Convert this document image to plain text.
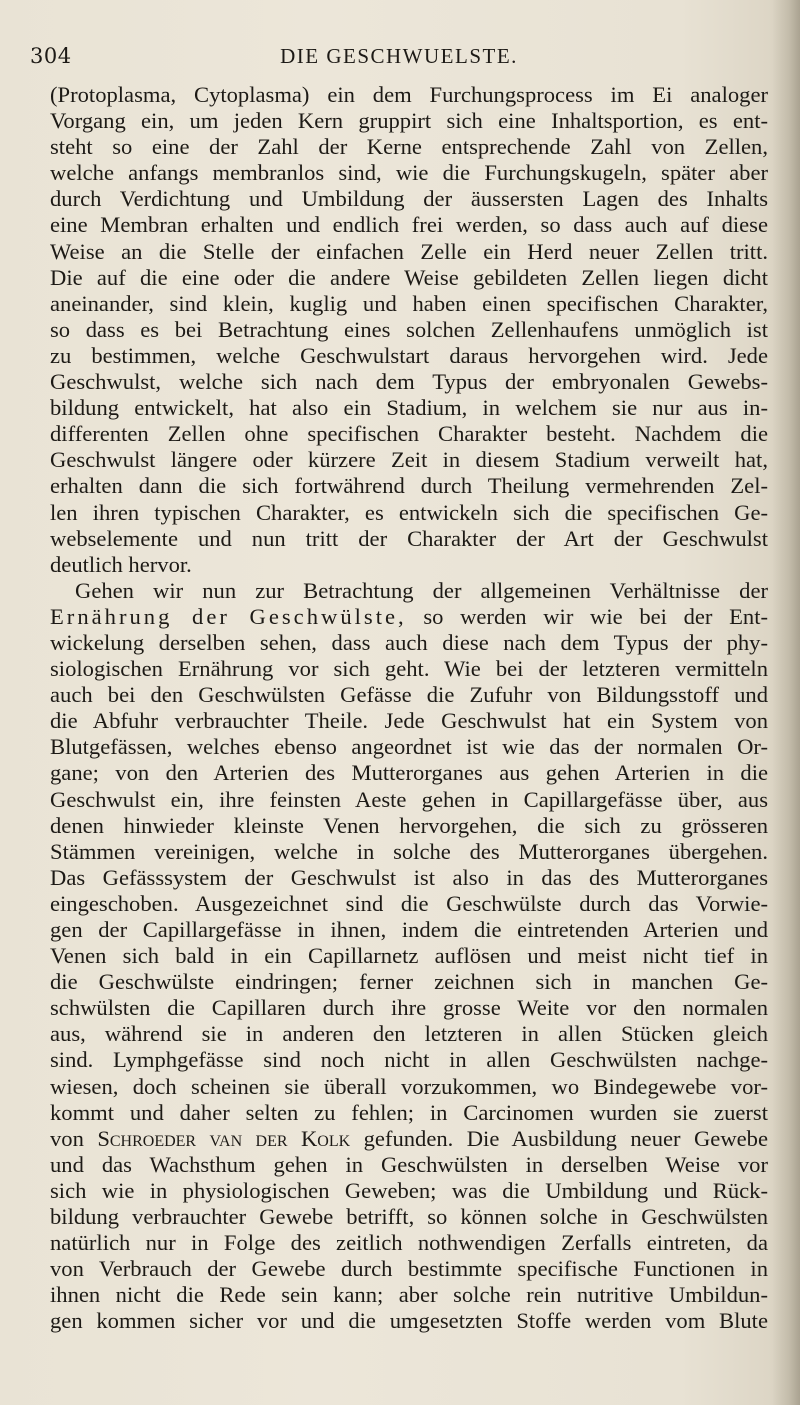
304	DIE GESCHWUELSTE.
(Protoplasma, Cytoplasma) ein dem Furchungsprocess im Ei analoger
Vorgang ein, um jeden Kern gruppirt sich eine Inhaltsportion, es ent-
steht so eine der Zahl der Kerne entsprechende Zahl von Zellen,
welche anfangs membranlos sind, wie die Furchungskugeln, später aber
durch Verdichtung und Umbildung der äussersten Lagen des Inhalts
eine Membran erhalten und endlich frei werden, so dass auch auf diese
Weise an die Stelle der einfachen Zelle ein Herd neuer Zellen tritt.
Die auf die eine oder die andere Weise gebildeten Zellen liegen dicht
aneinander, sind klein, kuglig und haben einen specifischen Charakter,
so dass es bei Betrachtung eines solchen Zellenhaufens unmöglich ist
zu bestimmen, welche Geschwulstart daraus hervorgehen wird. Jede
Geschwulst, welche sich nach dem Typus der embryonalen Gewebs-
bildung entwickelt, hat also ein Stadium, in welchem sie nur aus in-
differenten Zellen ohne specifischen Charakter besteht. Nachdem die
Geschwulst längere oder kürzere Zeit in diesem Stadium verweilt hat,
erhalten dann die sich fortwährend durch Theilung vermehrenden Zel-
len ihren typischen Charakter, es entwickeln sich die specifischen Ge-
webselemente und nun tritt der Charakter der Art der Geschwulst
deutlich hervor.
Gehen wir nun zur Betrachtung der allgemeinen Verhältnisse der
Ernährung der Geschwülste, so werden wir wie bei der Ent-
wickelung derselben sehen, dass auch diese nach dem Typus der phy-
siologischen Ernährung vor sich geht. Wie bei der letzteren vermitteln
auch bei den Geschwülsten Gefässe die Zufuhr von Bildungsstoff und
die Abfuhr verbrauchter Theile. Jede Geschwulst hat ein System von
Blutgefässen, welches ebenso angeordnet ist wie das der normalen Or-
gane; von den Arterien des Mutterorganes aus gehen Arterien in die
Geschwulst ein, ihre feinsten Aeste gehen in Capillargefässe über, aus
denen hinwieder kleinste Venen hervorgehen, die sich zu grösseren
Stämmen vereinigen, welche in solche des Mutterorganes übergehen.
Das Gefässsystem der Geschwulst ist also in das des Mutterorganes
eingeschoben. Ausgezeichnet sind die Geschwülste durch das Vorwie-
gen der Capillargefässe in ihnen, indem die eintretenden Arterien und
Venen sich bald in ein Capillarnetz auflösen und meist nicht tief in
die Geschwülste eindringen; ferner zeichnen sich in manchen Ge-
schwülsten die Capillaren durch ihre grosse Weite vor den normalen
aus, während sie in anderen den letzteren in allen Stücken gleich
sind. Lymphgefässe sind noch nicht in allen Geschwülsten nachge-
wiesen, doch scheinen sie überall vorzukommen, wo Bindegewebe vor-
kommt und daher selten zu fehlen; in Carcinomen wurden sie zuerst
von Schroeder van der Kolk gefunden. Die Ausbildung neuer Gewebe
und das Wachsthum gehen in Geschwülsten in derselben Weise vor
sich wie in physiologischen Geweben; was die Umbildung und Rück-
bildung verbrauchter Gewebe betrifft, so können solche in Geschwülsten
natürlich nur in Folge des zeitlich nothwendigen Zerfalls eintreten, da
von Verbrauch der Gewebe durch bestimmte specifische Functionen in
ihnen nicht die Rede sein kann; aber solche rein nutritive Umbildun-
gen kommen sicher vor und die umgesetzten Stoffe werden vom Blute
